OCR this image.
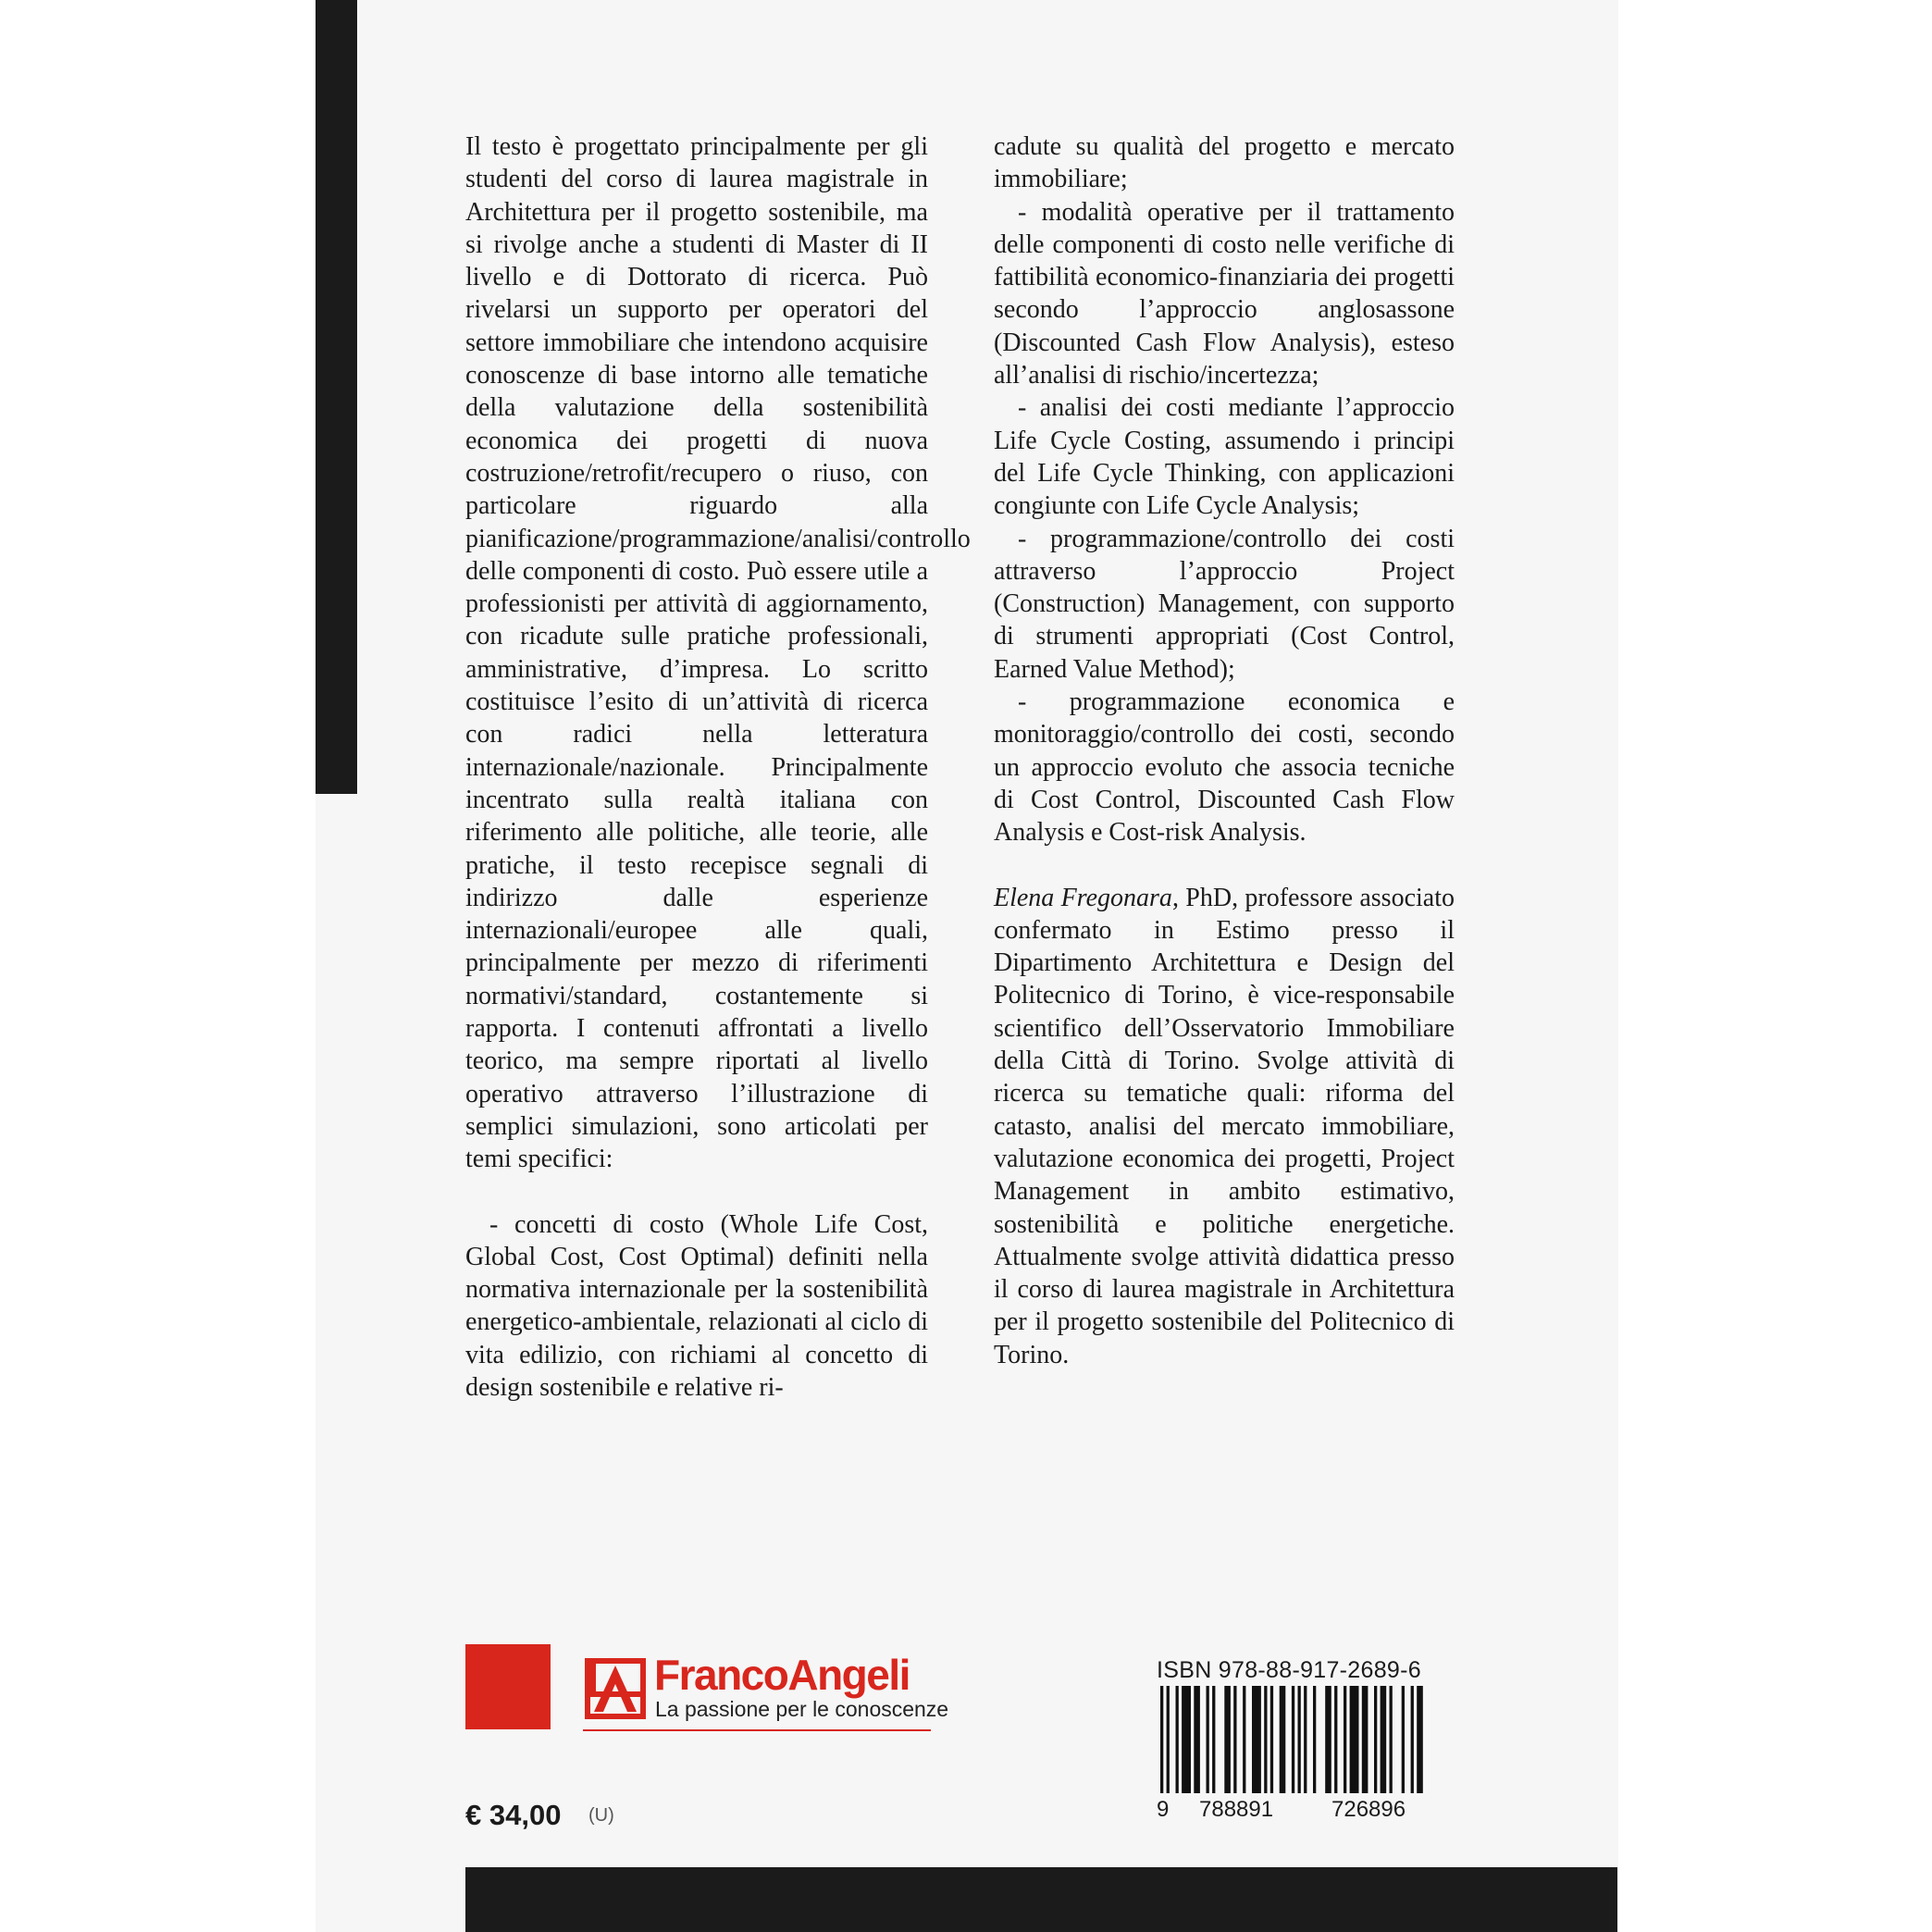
Il testo è progettato principalmente per gli studenti del corso di laurea magistrale in Architettura per il progetto sostenibile, ma si rivolge anche a studenti di Master di II livello e di Dottorato di ricerca. Può rivelarsi un supporto per operatori del settore immobiliare che intendono acquisire conoscenze di base intorno alle tematiche della valutazione della sostenibilità economica dei progetti di nuova costruzione/retrofit/recupero o riuso, con particolare riguardo alla pianificazione/programmazione/analisi/controllo delle componenti di costo. Può essere utile a professionisti per attività di aggiornamento, con ricadute sulle pratiche professionali, amministrative, d’impresa. Lo scritto costituisce l’esito di un’attività di ricerca con radici nella letteratura internazionale/nazionale. Principalmente incentrato sulla realtà italiana con riferimento alle politiche, alle teorie, alle pratiche, il testo recepisce segnali di indirizzo dalle esperienze internazionali/europee alle quali, principalmente per mezzo di riferimenti normativi/standard, costantemente si rapporta. I contenuti affrontati a livello teorico, ma sempre riportati al livello operativo attraverso l’illustrazione di semplici simulazioni, sono articolati per temi specifici:

- concetti di costo (Whole Life Cost, Global Cost, Cost Optimal) definiti nella normativa internazionale per la sostenibilità energetico-ambientale, relazionati al ciclo di vita edilizio, con richiami al concetto di design sostenibile e relative ri-

cadute su qualità del progetto e mercato immobiliare;

- modalità operative per il trattamento delle componenti di costo nelle verifiche di fattibilità economico-finanziaria dei progetti secondo l’approccio anglosassone (Discounted Cash Flow Analysis), esteso all’analisi di rischio/incertezza;

- analisi dei costi mediante l’approccio Life Cycle Costing, assumendo i principi del Life Cycle Thinking, con applicazioni congiunte con Life Cycle Analysis;

- programmazione/controllo dei costi attraverso l’approccio Project (Construction) Management, con supporto di strumenti appropriati (Cost Control, Earned Value Method);

- programmazione economica e monitoraggio/controllo dei costi, secondo un approccio evoluto che associa tecniche di Cost Control, Discounted Cash Flow Analysis e Cost-risk Analysis.

Elena Fregonara, PhD, professore associato confermato in Estimo presso il Dipartimento Architettura e Design del Politecnico di Torino, è vice-responsabile scientifico dell’Osservatorio Immobiliare della Città di Torino. Svolge attività di ricerca su tematiche quali: riforma del catasto, analisi del mercato immobiliare, valutazione economica dei progetti, Project Management in ambito estimativo, sostenibilità e politiche energetiche. Attualmente svolge attività didattica presso il corso di laurea magistrale in Architettura per il progetto sostenibile del Politecnico di Torino.

FrancoAngeli
La passione per le conoscenze
€ 34,00 (U)
ISBN 978-88-917-2689-6
9 788891	726896
